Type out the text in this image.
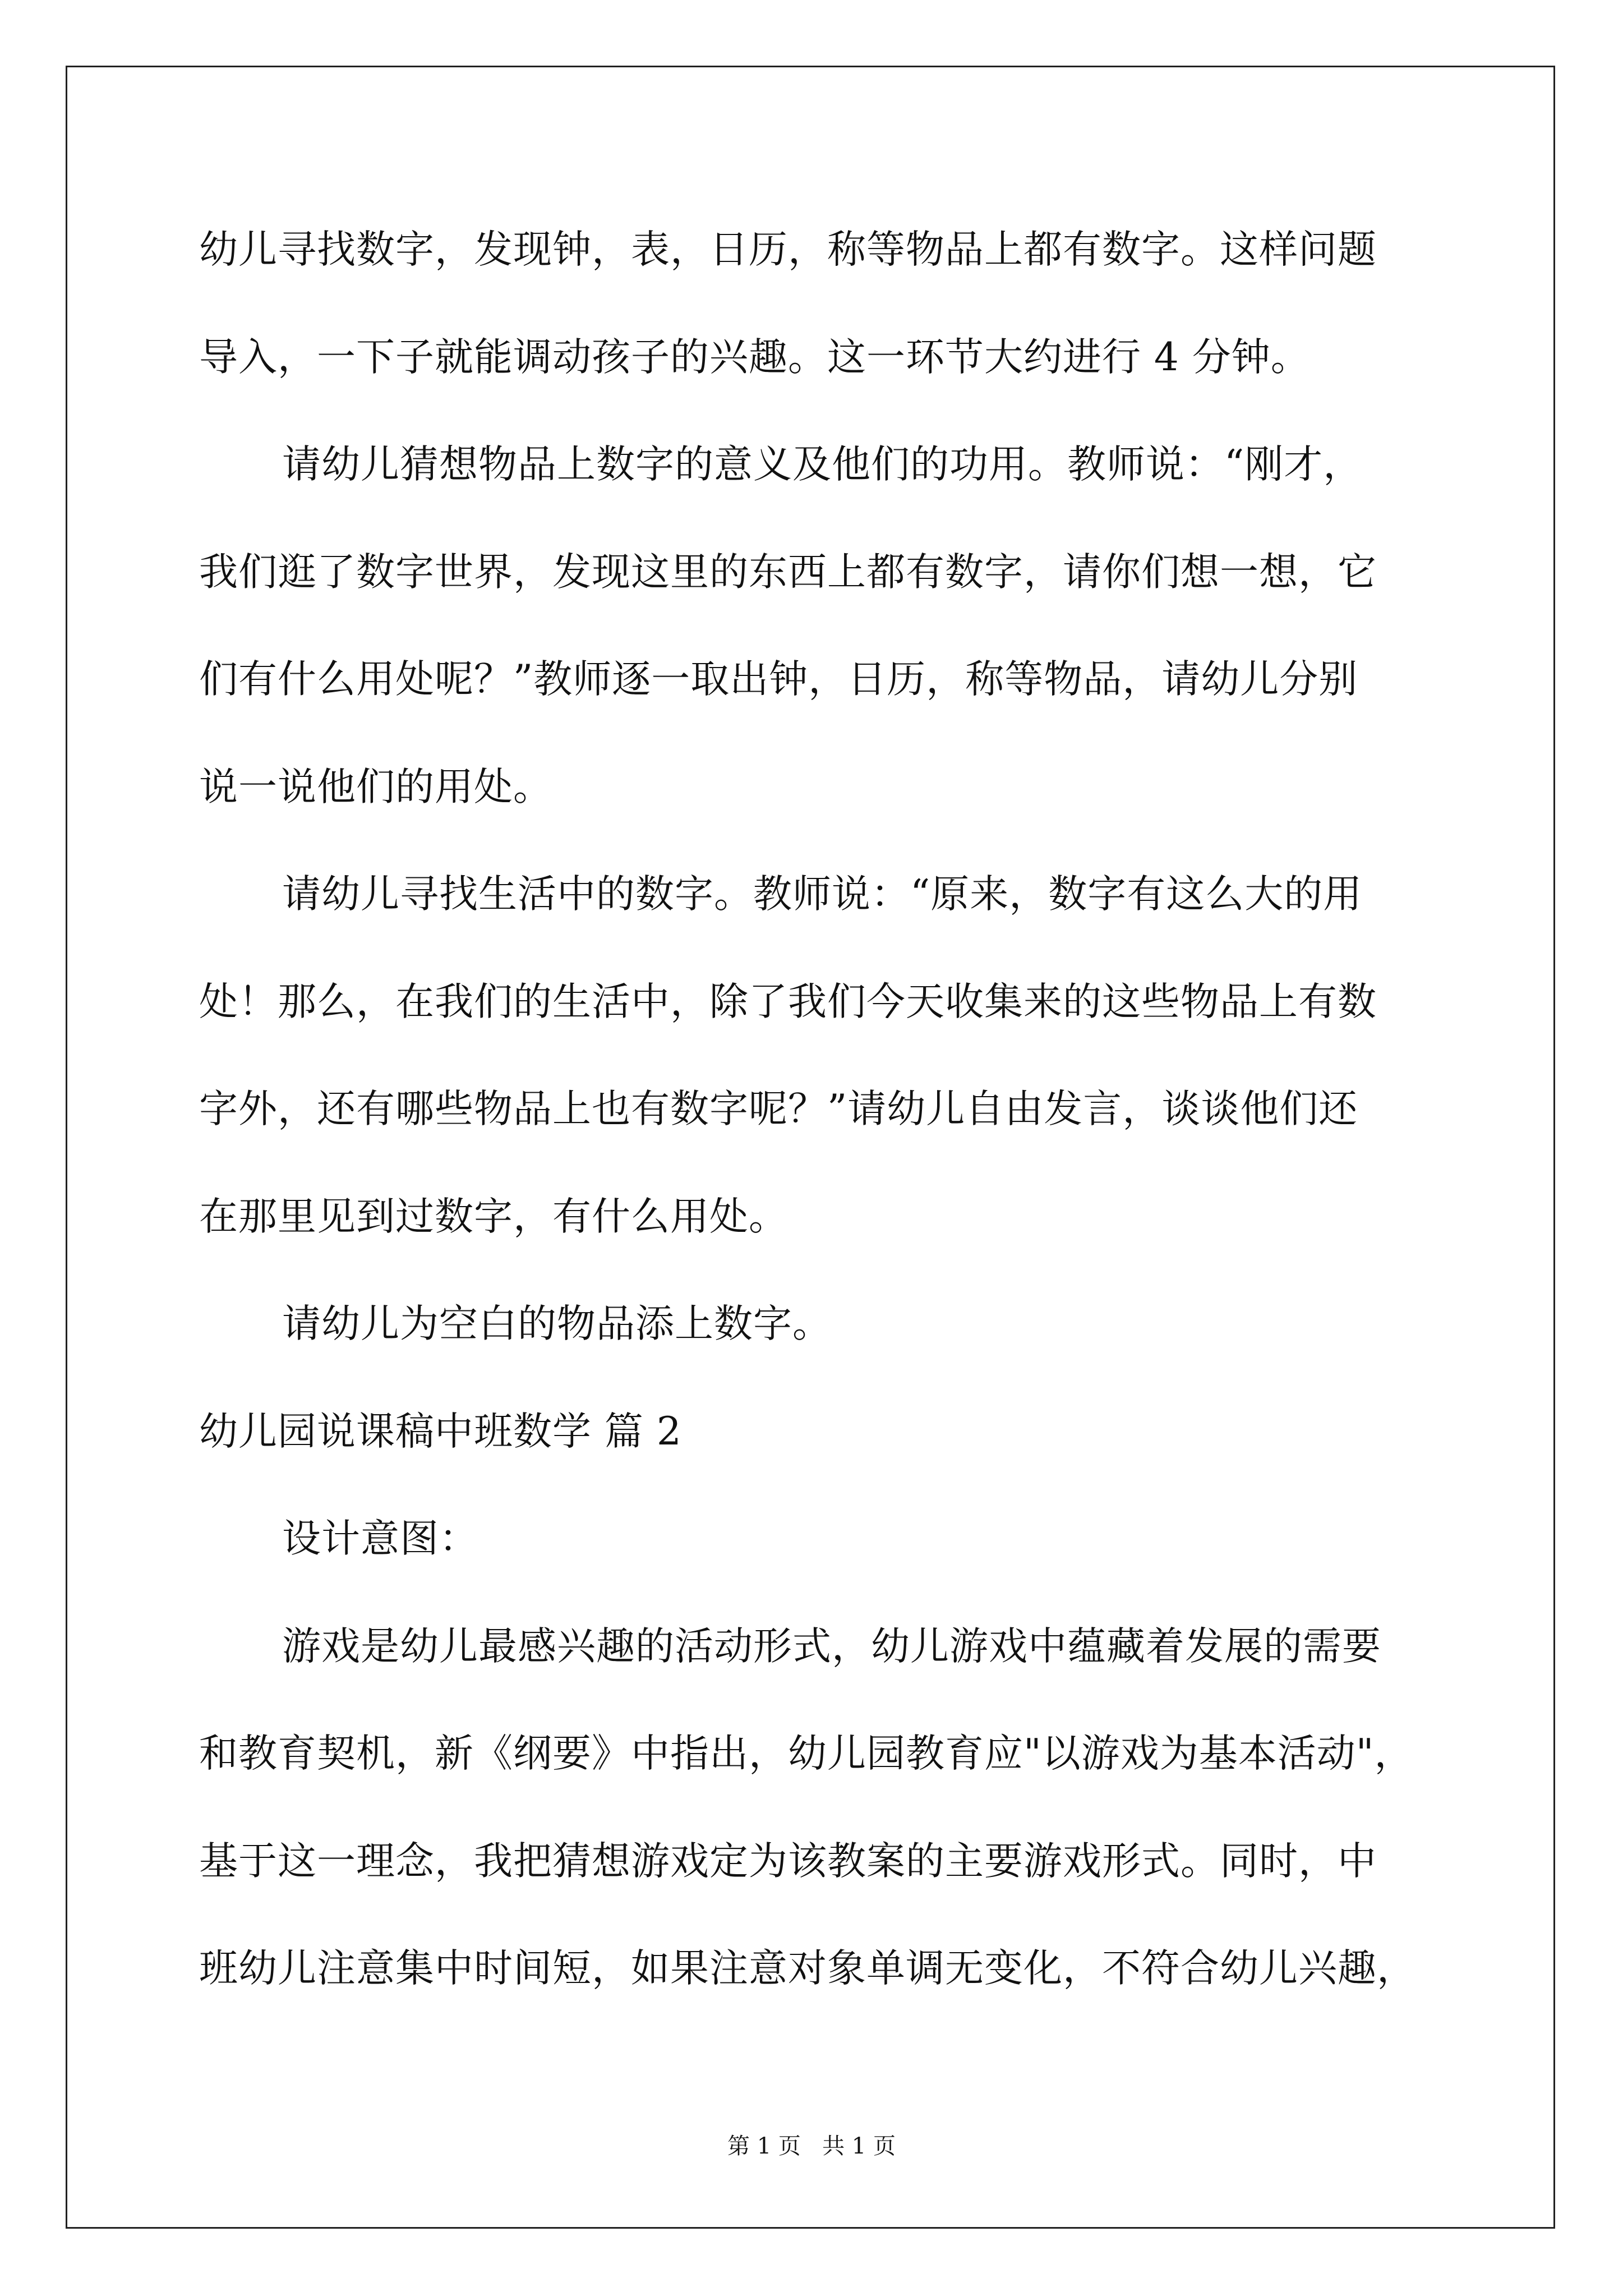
幼儿寻找数字，发现钟，表，日历，称等物品上都有数字。这样问题
导入，一下子就能调动孩子的兴趣。这一环节大约进行 4 分钟。
请幼儿猜想物品上数字的意义及他们的功用。教师说：“刚才，
我们逛了数字世界，发现这里的东西上都有数字，请你们想一想，它
们有什么用处呢？”教师逐一取出钟，日历，称等物品，请幼儿分别
说一说他们的用处。
请幼儿寻找生活中的数字。教师说：“原来，数字有这么大的用
处！那么，在我们的生活中，除了我们今天收集来的这些物品上有数
字外，还有哪些物品上也有数字呢？”请幼儿自由发言，谈谈他们还
在那里见到过数字，有什么用处。
请幼儿为空白的物品添上数字。
幼儿园说课稿中班数学 篇 2
设计意图：
游戏是幼儿最感兴趣的活动形式，幼儿游戏中蕴藏着发展的需要
和教育契机，新《纲要》中指出，幼儿园教育应"以游戏为基本活动"，
基于这一理念，我把猜想游戏定为该教案的主要游戏形式。同时，中
班幼儿注意集中时间短，如果注意对象单调无变化，不符合幼儿兴趣，
第 1 页   共 1 页
